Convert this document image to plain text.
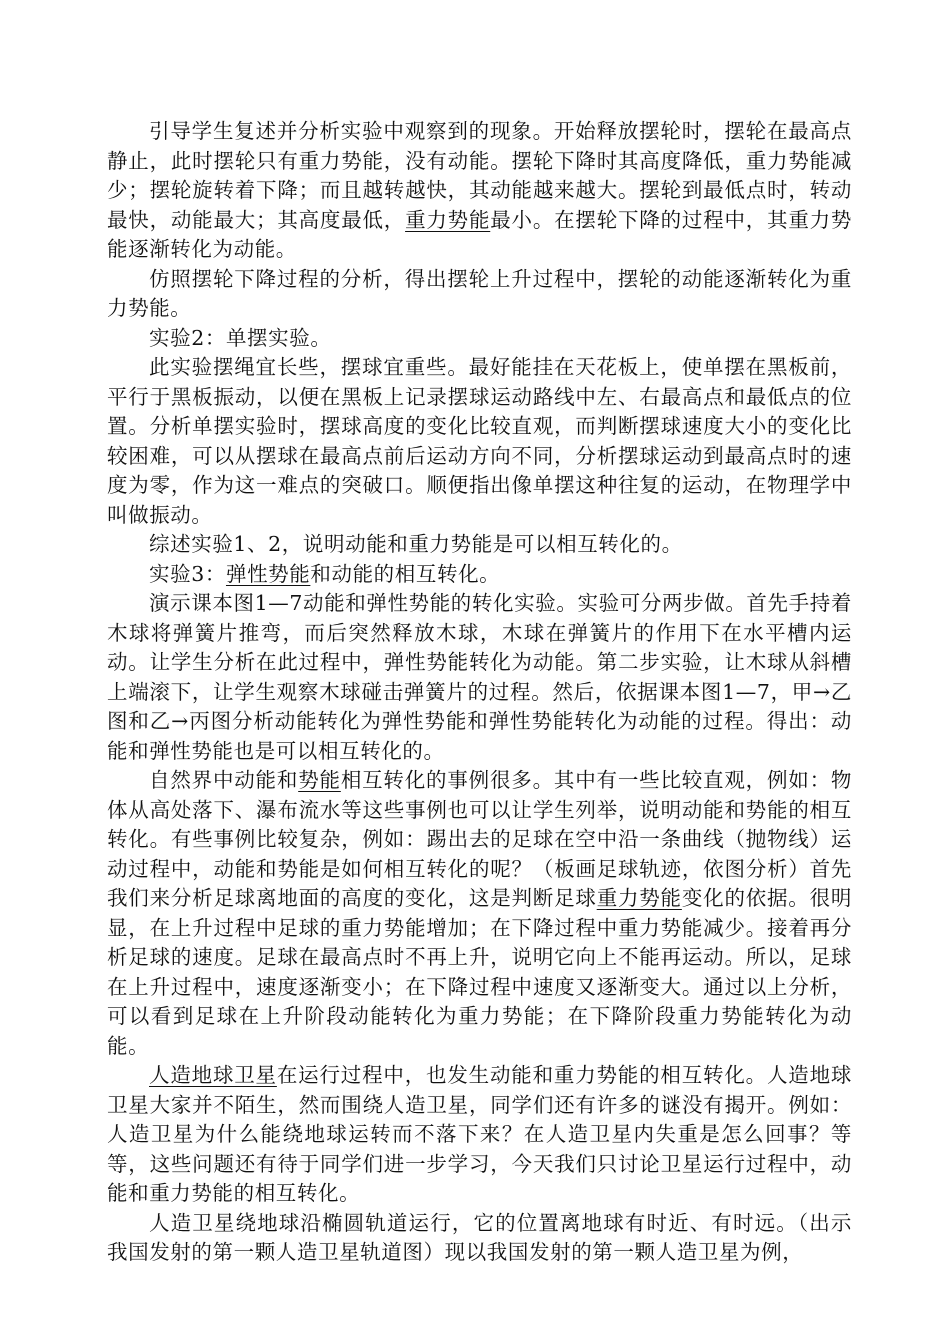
引导学生复述并分析实验中观察到的现象。开始释放摆轮时，摆轮在最高点静止，此时摆轮只有重力势能，没有动能。摆轮下降时其高度降低，重力势能减少；摆轮旋转着下降；而且越转越快，其动能越来越大。摆轮到最低点时，转动最快，动能最大；其高度最低，重力势能最小。在摆轮下降的过程中，其重力势能逐渐转化为动能。

仿照摆轮下降过程的分析，得出摆轮上升过程中，摆轮的动能逐渐转化为重力势能。

实验2：单摆实验。

此实验摆绳宜长些，摆球宜重些。最好能挂在天花板上，使单摆在黑板前，平行于黑板振动，以便在黑板上记录摆球运动路线中左、右最高点和最低点的位置。分析单摆实验时，摆球高度的变化比较直观，而判断摆球速度大小的变化比较困难，可以从摆球在最高点前后运动方向不同，分析摆球运动到最高点时的速度为零，作为这一难点的突破口。顺便指出像单摆这种往复的运动，在物理学中叫做振动。

综述实验1、2，说明动能和重力势能是可以相互转化的。

实验3：弹性势能和动能的相互转化。

演示课本图1—7动能和弹性势能的转化实验。实验可分两步做。首先手持着木球将弹簧片推弯，而后突然释放木球，木球在弹簧片的作用下在水平槽内运动。让学生分析在此过程中，弹性势能转化为动能。第二步实验，让木球从斜槽上端滚下，让学生观察木球碰击弹簧片的过程。然后，依据课本图1—7，甲→乙图和乙→丙图分析动能转化为弹性势能和弹性势能转化为动能的过程。得出：动能和弹性势能也是可以相互转化的。

自然界中动能和势能相互转化的事例很多。其中有一些比较直观，例如：物体从高处落下、瀑布流水等这些事例也可以让学生列举，说明动能和势能的相互转化。有些事例比较复杂，例如：踢出去的足球在空中沿一条曲线（抛物线）运动过程中，动能和势能是如何相互转化的呢？（板画足球轨迹，依图分析）首先我们来分析足球离地面的高度的变化，这是判断足球重力势能变化的依据。很明显，在上升过程中足球的重力势能增加；在下降过程中重力势能减少。接着再分析足球的速度。足球在最高点时不再上升，说明它向上不能再运动。所以，足球在上升过程中，速度逐渐变小；在下降过程中速度又逐渐变大。通过以上分析，可以看到足球在上升阶段动能转化为重力势能；在下降阶段重力势能转化为动能。

人造地球卫星在运行过程中，也发生动能和重力势能的相互转化。人造地球卫星大家并不陌生，然而围绕人造卫星，同学们还有许多的谜没有揭开。例如：人造卫星为什么能绕地球运转而不落下来？在人造卫星内失重是怎么回事？等等，这些问题还有待于同学们进一步学习，今天我们只讨论卫星运行过程中，动能和重力势能的相互转化。

人造卫星绕地球沿椭圆轨道运行，它的位置离地球有时近、有时远。（出示我国发射的第一颗人造卫星轨道图）现以我国发射的第一颗人造卫星为例，
